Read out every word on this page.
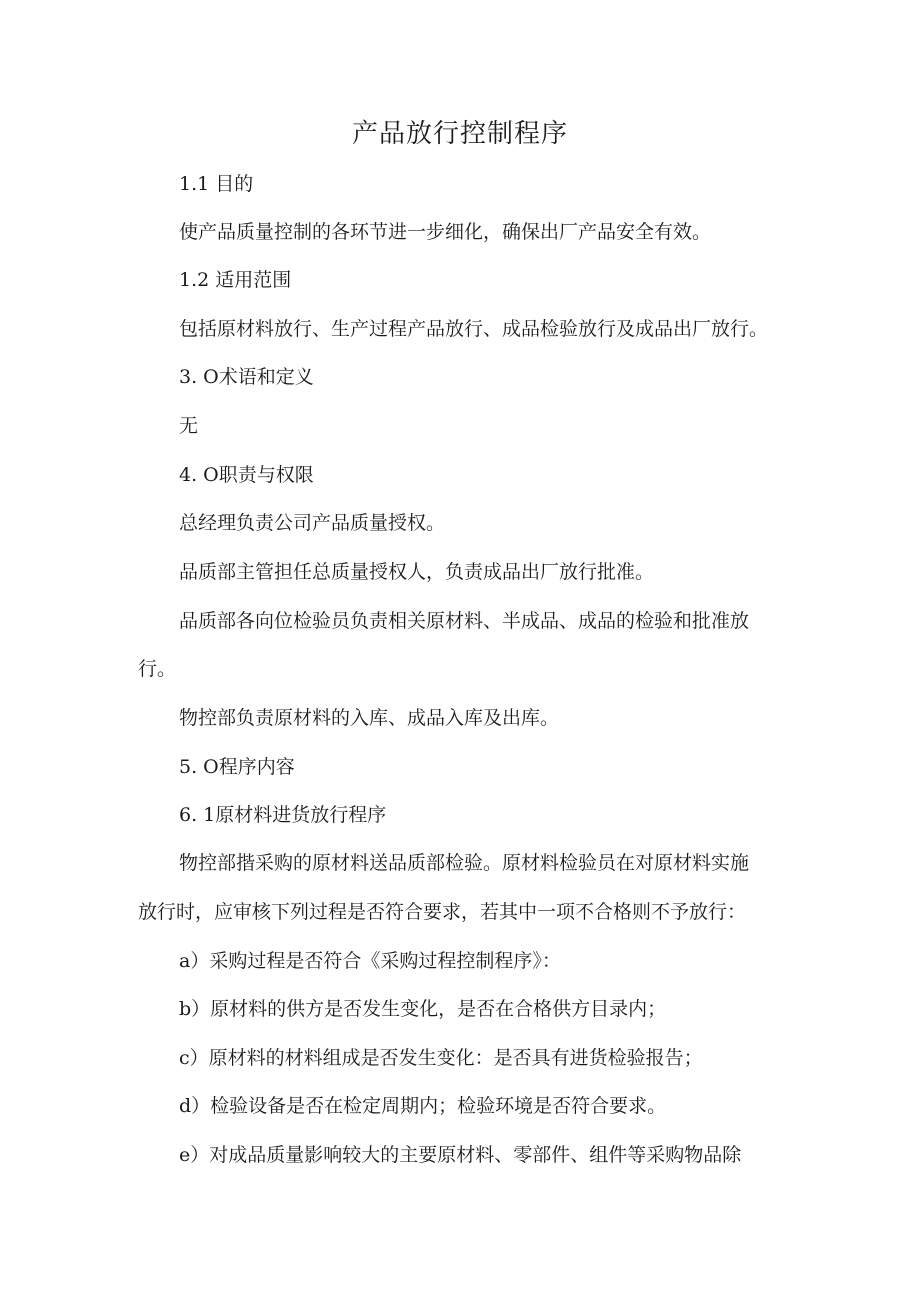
产品放行控制程序

1.1 目的

使产品质量控制的各环节进一步细化，确保出厂产品安全有效。

1.2 适用范围

包括原材料放行、生产过程产品放行、成品检验放行及成品出厂放行。

3. O术语和定义

无

4. O职责与权限

总经理负责公司产品质量授权。

品质部主管担任总质量授权人，负责成品出厂放行批准。

品质部各向位检验员负责相关原材料、半成品、成品的检验和批准放

行。

物控部负责原材料的入库、成品入库及出库。

5. O程序内容

6. 1原材料进货放行程序

物控部揩采购的原材料送品质部检验。原材料检验员在对原材料实施

放行时，应审核下列过程是否符合要求，若其中一项不合格则不予放行：

a）采购过程是否符合《采购过程控制程序》：

b）原材料的供方是否发生变化，是否在合格供方目录内；

c）原材料的材料组成是否发生变化：是否具有进货检验报告；

d）检验设备是否在检定周期内；检验环境是否符合要求。

e）对成品质量影响较大的主要原材料、零部件、组件等采购物品除
